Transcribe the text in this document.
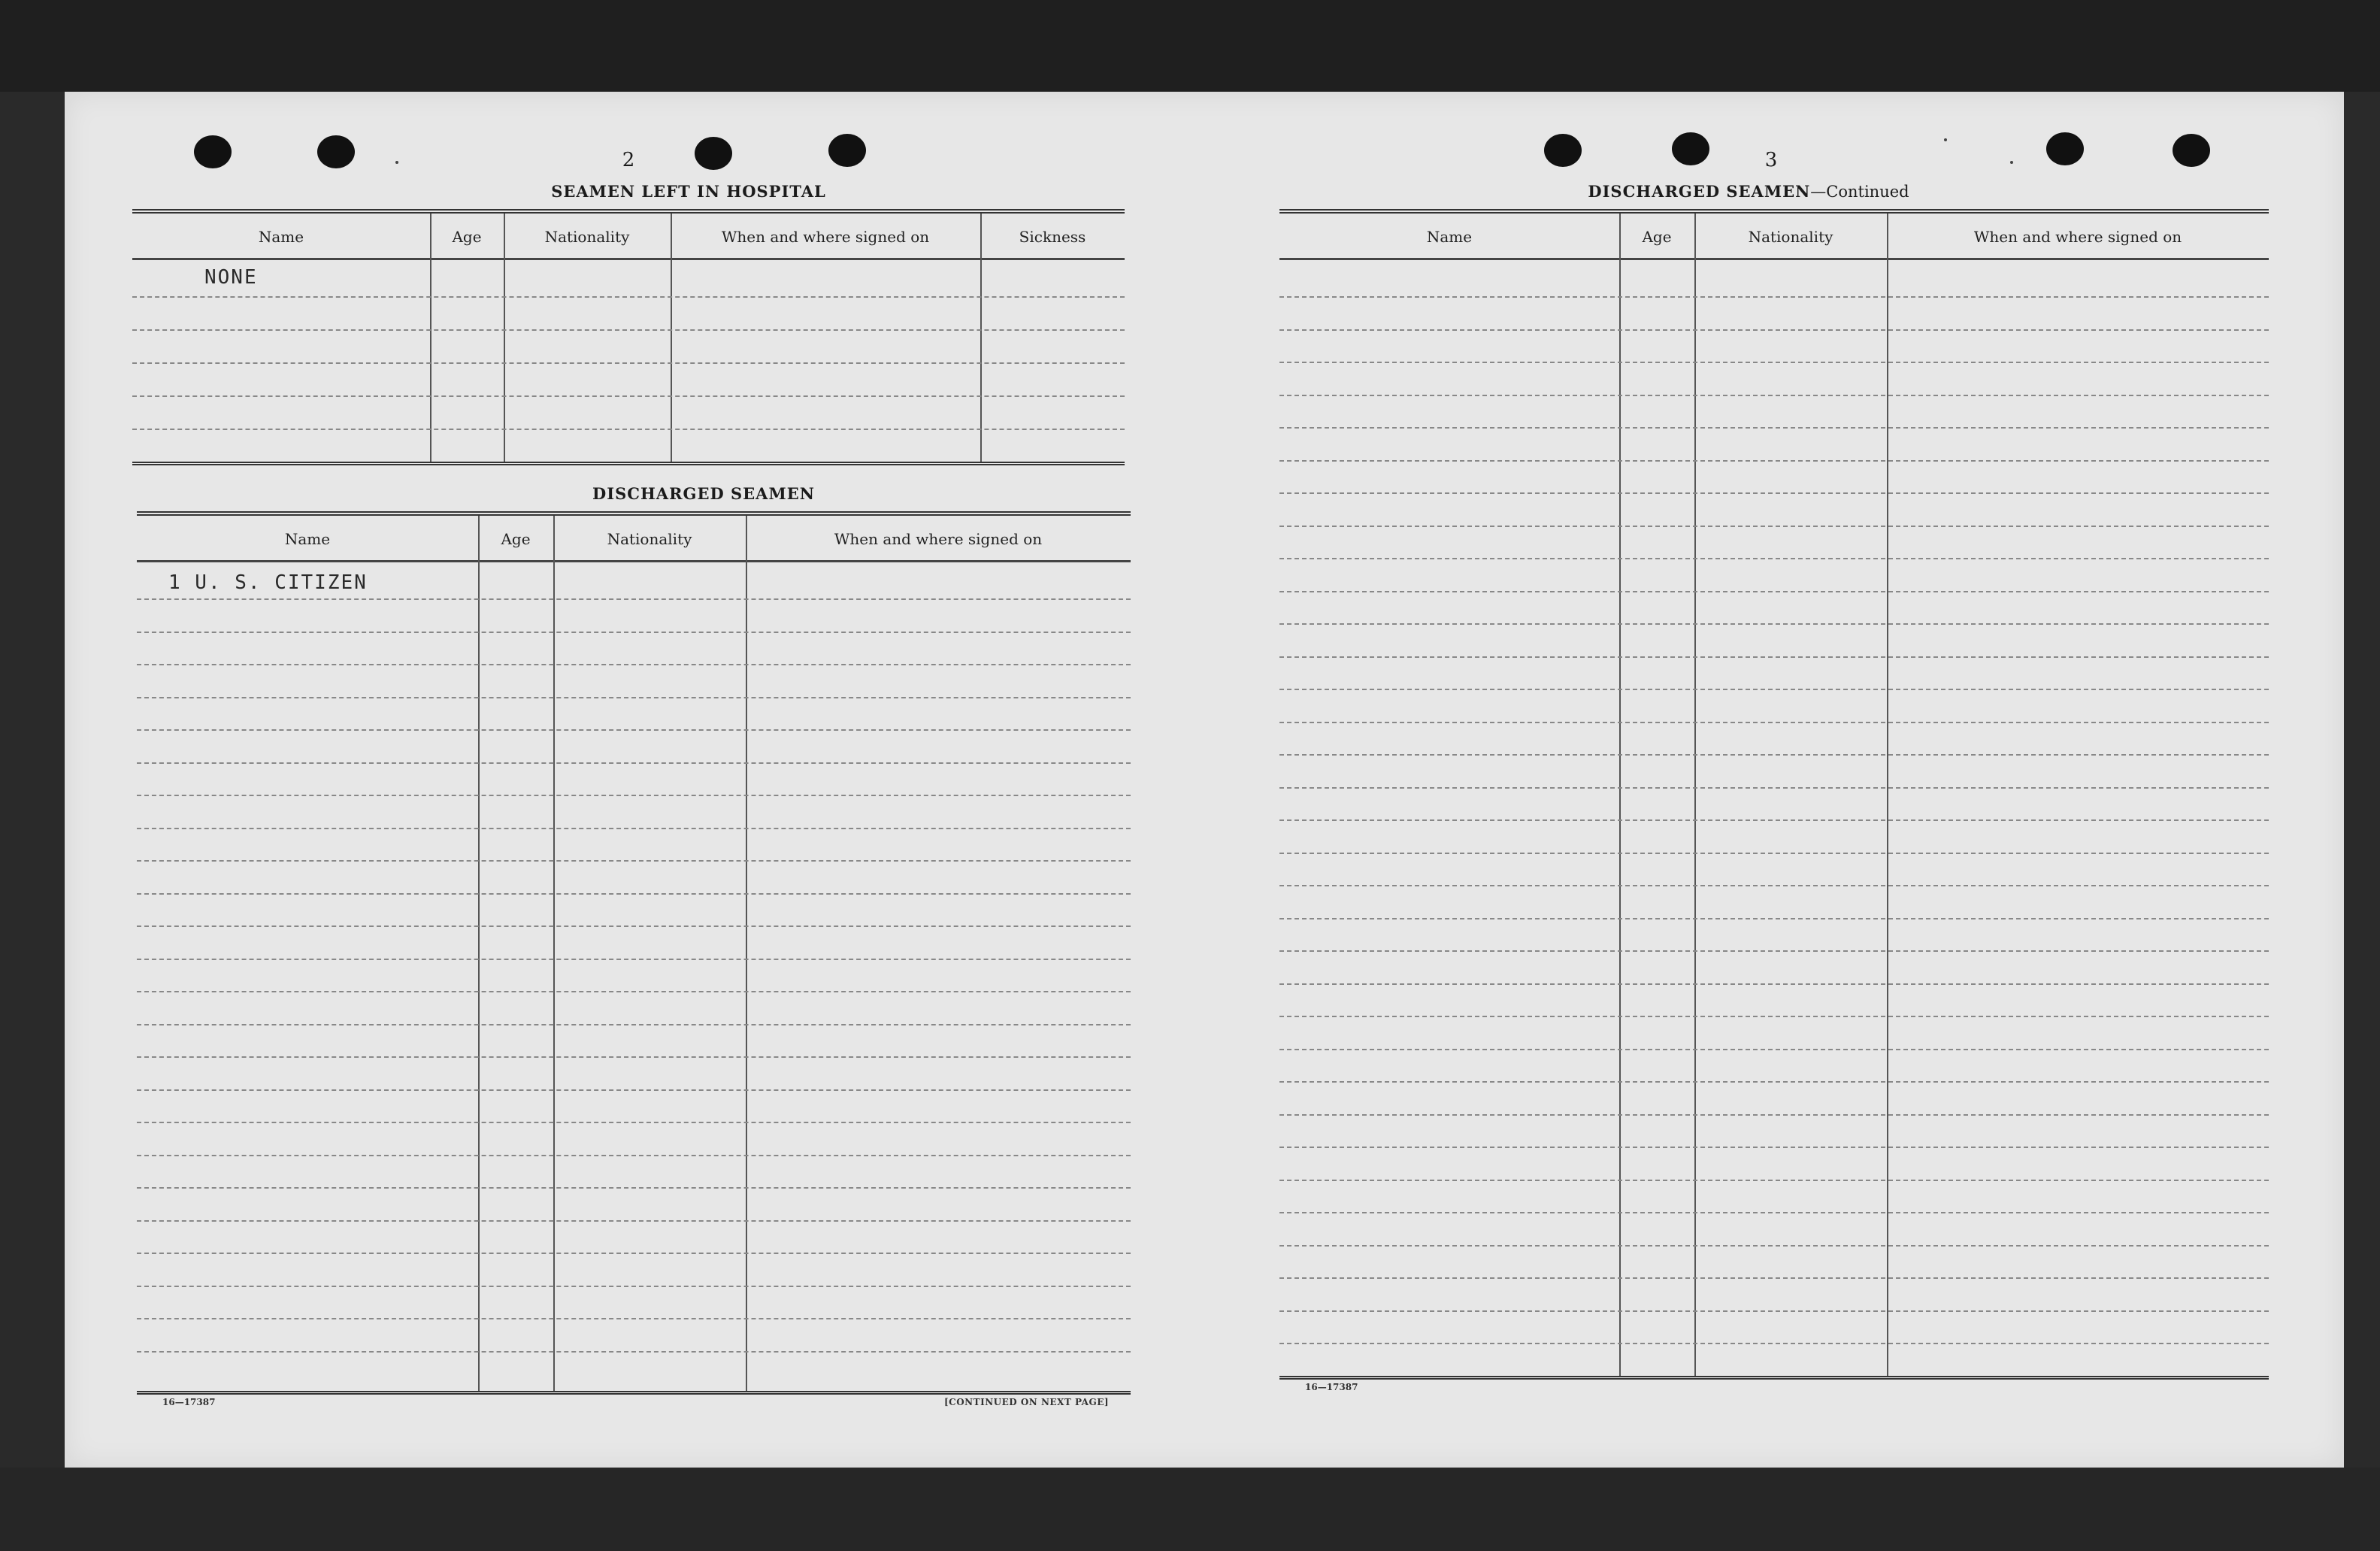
2
SEAMEN LEFT IN HOSPITAL
Name	Age	Nationality	When and where signed on	Sickness
NONE
DISCHARGED SEAMEN
Name	Age	Nationality	When and where signed on
1 U. S. CITIZEN
16—17387	[CONTINUED ON NEXT PAGE]
3
DISCHARGED SEAMEN—Continued
Name	Age	Nationality	When and where signed on
16—17387
